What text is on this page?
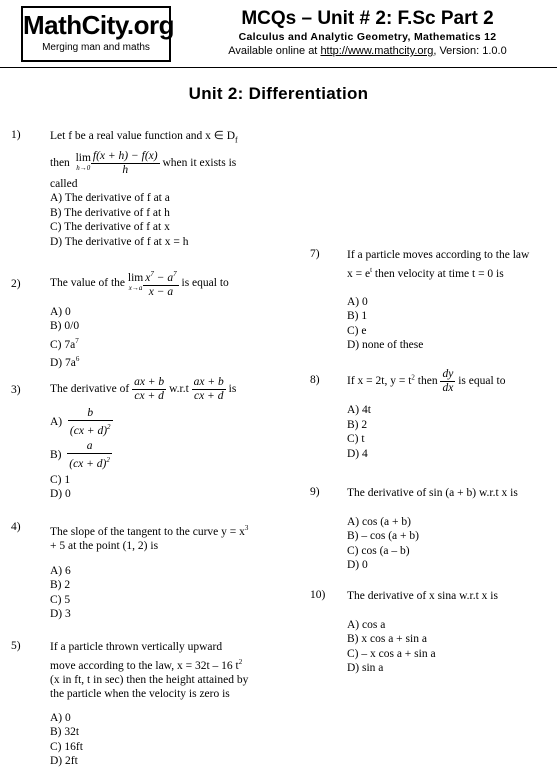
MathCity.org
Merging man and maths
MCQs – Unit # 2: F.Sc Part 2
Calculus and Analytic Geometry, Mathematics 12
Available online at http://www.mathcity.org, Version: 1.0.0
Unit 2: Differentiation
1)	Let f be a real value function and x ∈ $D_f$
then lim
$h\to 0 \frac{f(x + h) - f(x)}{h}$ when it exists is
called
A) The derivative of f at a
B) The derivative of f at h
C) The derivative of f at x
D) The derivative of f at x = h
2)	The value of the lim
$x\to a \frac{x^7 - a^7}{x - a}$ is equal to
A) 0
B) 0/0
C) $7a^7$
D) $7a^6$
3)	The derivative of $\frac{ax + b}{cx + d} w.r.t \frac{ax + b}{cx + d}$ is
$A) \frac{b}{(cx + d)^2}$
$B) \frac{a}{(cx + d)^2}$
C) 1
D) 0
4)	The slope of the tangent to the curve $y = x^3$
+ 5 at the point (1, 2) is
A) 6
B) 2
C) 5
D) 3
5)	If a particle thrown vertically upward
move according to the law, x = 32t – 16 $t^2$
(x in ft, t in sec) then the height attained by
the particle when the velocity is zero is
A) 0
B) 32t
C) 16ft
D) 2ft
7) If a particle moves according to the law
$x = e^t$ then velocity at time t = 0 is
A) 0
B) 1
C) e
D) none of these
8) If x = 2t, $y = t^2$ then $\frac{dy}{dx}$ is equal to
A) 4t
B) 2
C) t
D) 4
9) The derivative of sin (a + b) w.r.t x is
A) cos (a + b)
B) – cos (a + b)
C) cos (a – b)
D) 0
10) The derivative of x sina w.r.t x is
A) cos a
B) x cos a + sin a
C) – x cos a + sin a
D) sin a
